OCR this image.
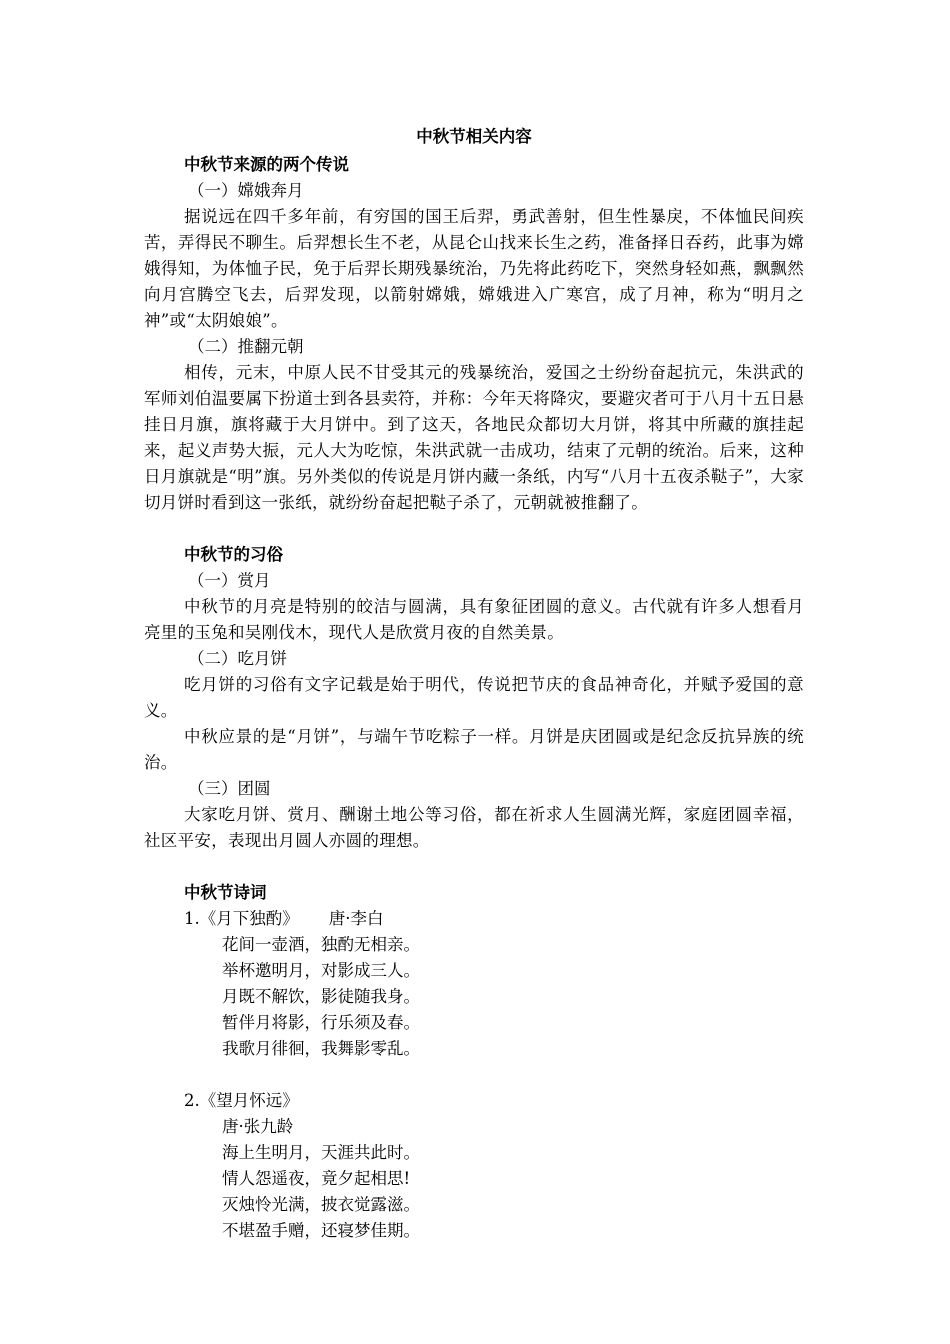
中秋节相关内容
中秋节来源的两个传说
（一）嫦娥奔月

据说远在四千多年前，有穷国的国王后羿，勇武善射，但生性暴戾，不体恤民间疾苦，弄得民不聊生。后羿想长生不老，从昆仑山找来长生之药，准备择日吞药，此事为嫦娥得知，为体恤子民，免于后羿长期残暴统治，乃先将此药吃下，突然身轻如燕，飘飘然向月宫腾空飞去，后羿发现，以箭射嫦娥，嫦娥进入广寒宫，成了月神，称为“明月之神”或“太阴娘娘”。

（二）推翻元朝

相传，元末，中原人民不甘受其元的残暴统治，爱国之士纷纷奋起抗元，朱洪武的军师刘伯温要属下扮道士到各县卖符，并称：今年天将降灾，要避灾者可于八月十五日悬挂日月旗，旗将藏于大月饼中。到了这天，各地民众都切大月饼，将其中所藏的旗挂起来，起义声势大振，元人大为吃惊，朱洪武就一击成功，结束了元朝的统治。后来，这种日月旗就是“明”旗。另外类似的传说是月饼内藏一条纸，内写“八月十五夜杀鞑子”，大家切月饼时看到这一张纸，就纷纷奋起把鞑子杀了，元朝就被推翻了。

中秋节的习俗
（一）赏月

中秋节的月亮是特别的皎洁与圆满，具有象征团圆的意义。古代就有许多人想看月亮里的玉兔和吴刚伐木，现代人是欣赏月夜的自然美景。

（二）吃月饼

吃月饼的习俗有文字记载是始于明代，传说把节庆的食品神奇化，并赋予爱国的意义。

中秋应景的是“月饼”，与端午节吃粽子一样。月饼是庆团圆或是纪念反抗异族的统治。

（三）团圆

大家吃月饼、赏月、酬谢土地公等习俗，都在祈求人生圆满光辉，家庭团圆幸福，社区平安，表现出月圆人亦圆的理想。

中秋节诗词
1.《月下独酌》 唐·李白
花间一壶酒，独酌无相亲。
举杯邀明月，对影成三人。
月既不解饮，影徒随我身。
暂伴月将影，行乐须及春。
我歌月徘徊，我舞影零乱。
2.《望月怀远》
唐·张九龄
海上生明月，天涯共此时。
情人怨遥夜，竟夕起相思!
灭烛怜光满，披衣觉露滋。
不堪盈手赠，还寝梦佳期。
